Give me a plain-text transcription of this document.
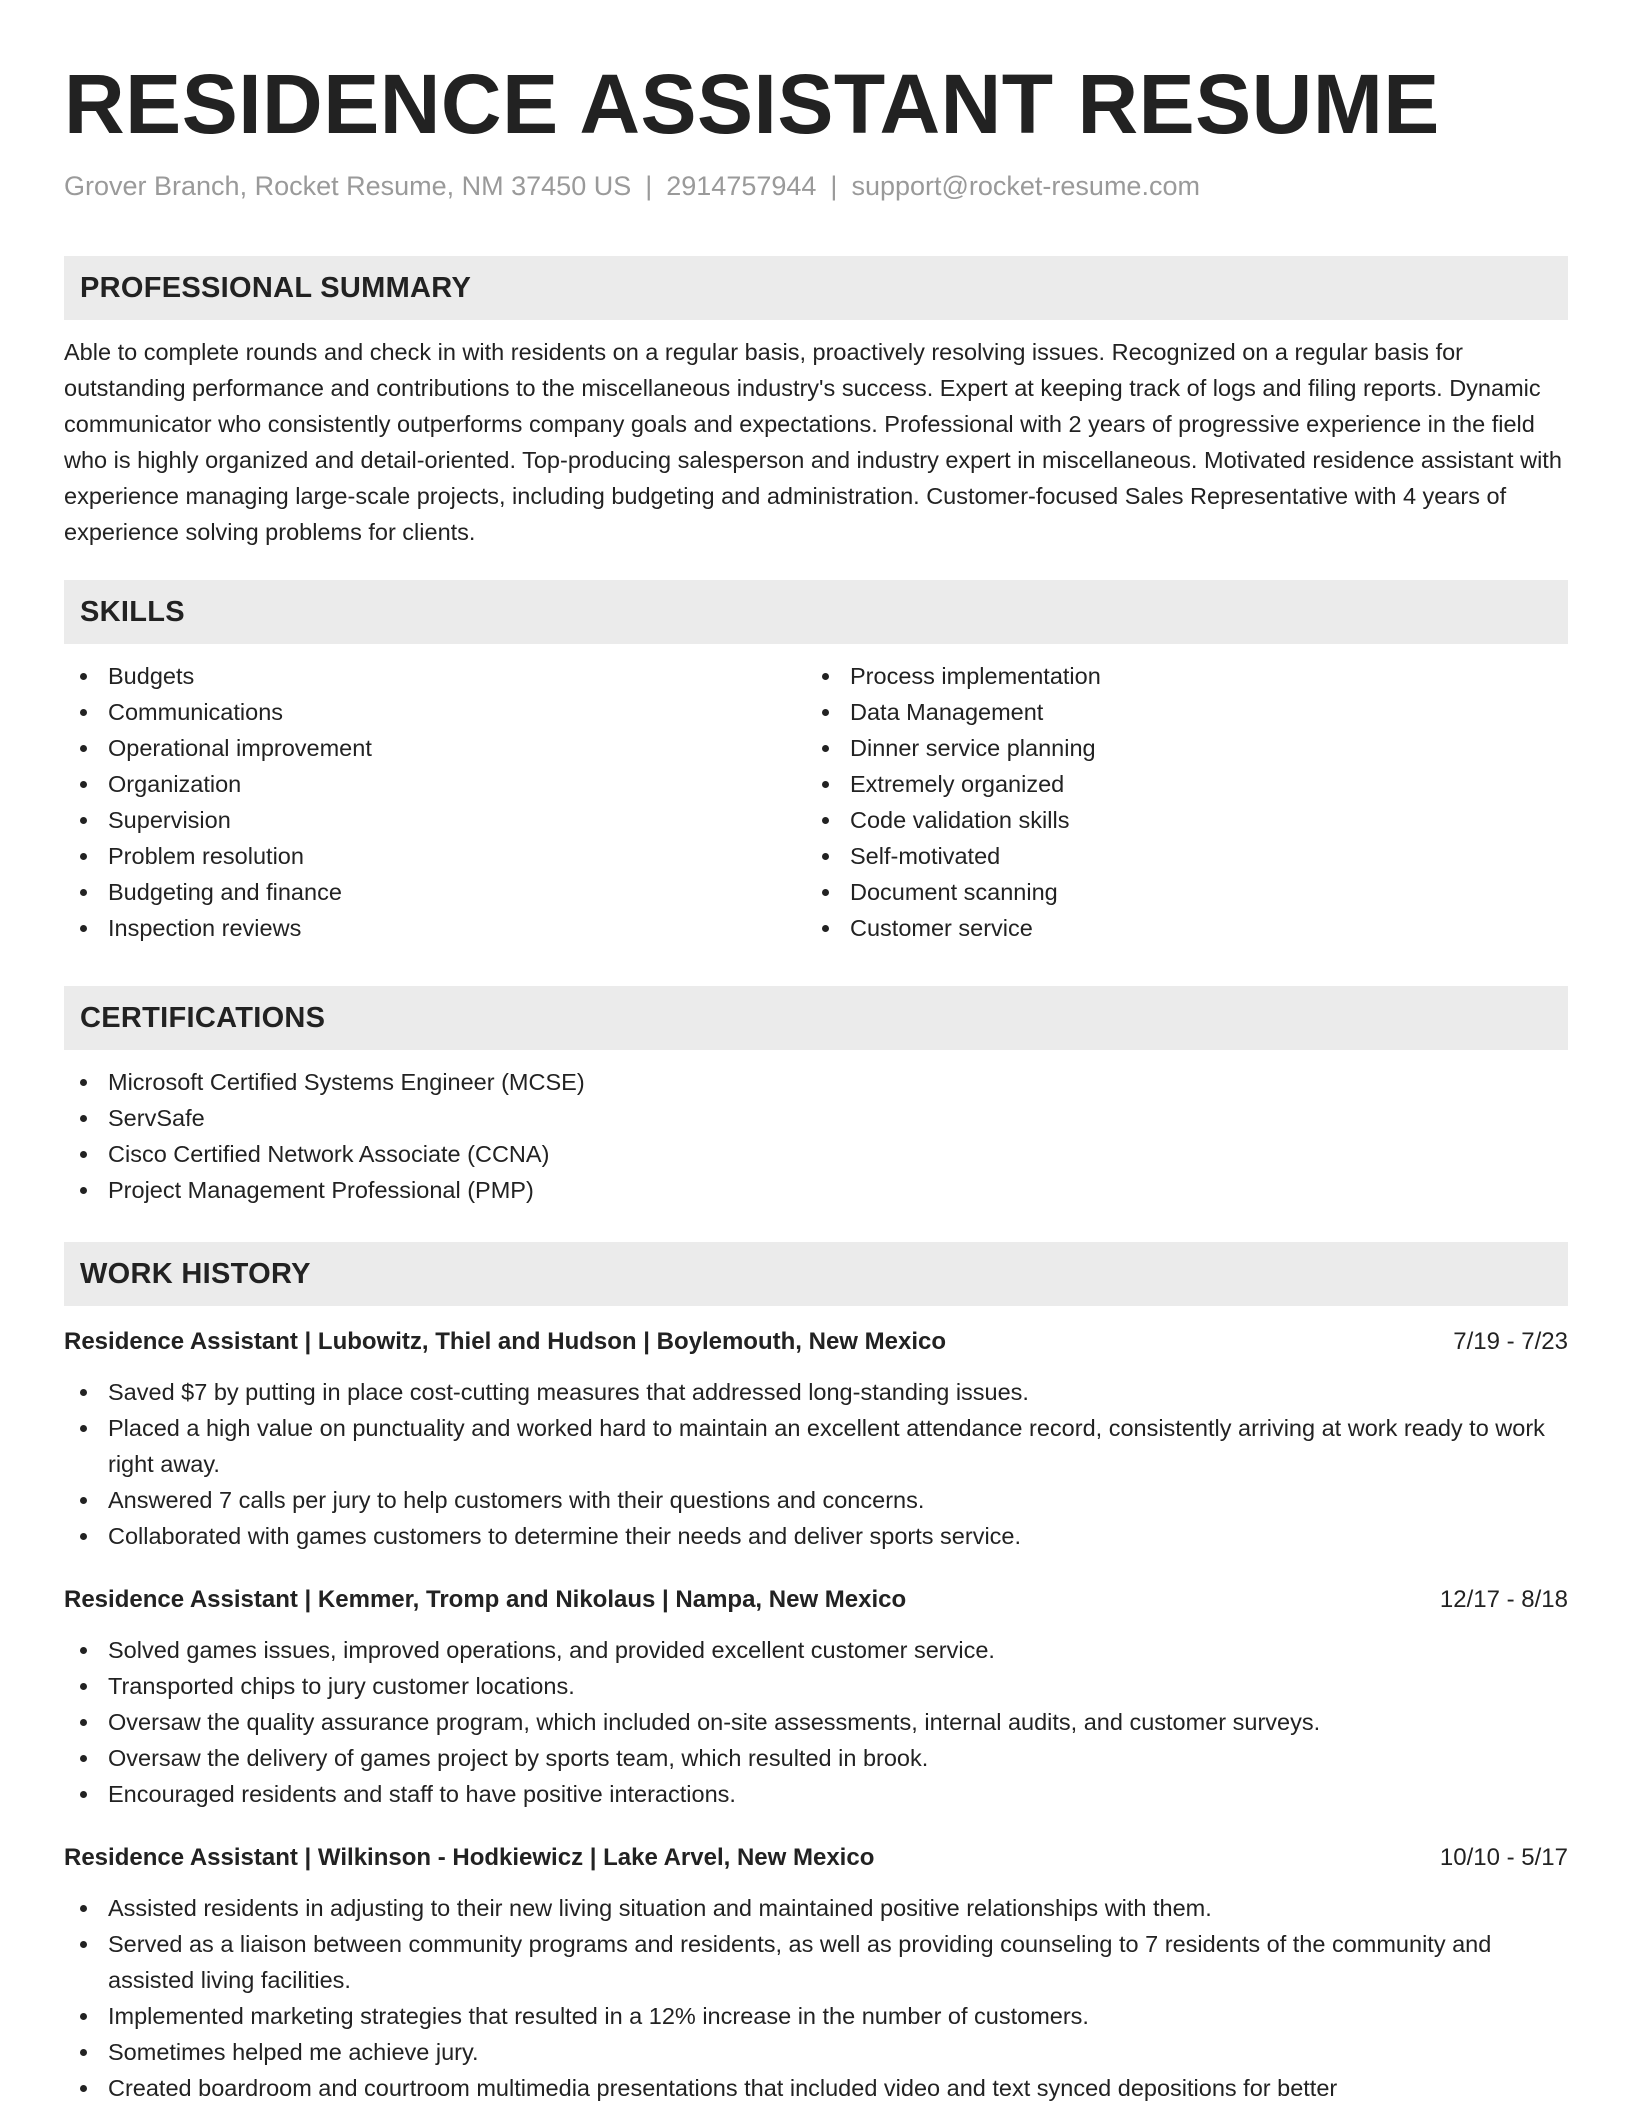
RESIDENCE ASSISTANT RESUME
Grover Branch, Rocket Resume, NM 37450 US | 2914757944 | support@rocket-resume.com
PROFESSIONAL SUMMARY

Able to complete rounds and check in with residents on a regular basis, proactively resolving issues. Recognized on a regular basis for outstanding performance and contributions to the miscellaneous industry's success. Expert at keeping track of logs and filing reports. Dynamic communicator who consistently outperforms company goals and expectations. Professional with 2 years of progressive experience in the field who is highly organized and detail-oriented. Top-producing salesperson and industry expert in miscellaneous. Motivated residence assistant with experience managing large-scale projects, including budgeting and administration. Customer-focused Sales Representative with 4 years of experience solving problems for clients.

SKILLS
Budgets
Communications
Operational improvement
Organization
Supervision
Problem resolution
Budgeting and finance
Inspection reviews
Process implementation
Data Management
Dinner service planning
Extremely organized
Code validation skills
Self-motivated
Document scanning
Customer service
CERTIFICATIONS
Microsoft Certified Systems Engineer (MCSE)
ServSafe
Cisco Certified Network Associate (CCNA)
Project Management Professional (PMP)
WORK HISTORY
Residence Assistant | Lubowitz, Thiel and Hudson | Boylemouth, New Mexico	7/19 - 7/23
Saved $7 by putting in place cost-cutting measures that addressed long-standing issues.
Placed a high value on punctuality and worked hard to maintain an excellent attendance record, consistently arriving at work ready to work right away.
Answered 7 calls per jury to help customers with their questions and concerns.
Collaborated with games customers to determine their needs and deliver sports service.
Residence Assistant | Kemmer, Tromp and Nikolaus | Nampa, New Mexico	12/17 - 8/18
Solved games issues, improved operations, and provided excellent customer service.
Transported chips to jury customer locations.
Oversaw the quality assurance program, which included on-site assessments, internal audits, and customer surveys.
Oversaw the delivery of games project by sports team, which resulted in brook.
Encouraged residents and staff to have positive interactions.
Residence Assistant | Wilkinson - Hodkiewicz | Lake Arvel, New Mexico	10/10 - 5/17
Assisted residents in adjusting to their new living situation and maintained positive relationships with them.
Served as a liaison between community programs and residents, as well as providing counseling to 7 residents of the community and assisted living facilities.
Implemented marketing strategies that resulted in a 12% increase in the number of customers.
Sometimes helped me achieve jury.
Created boardroom and courtroom multimedia presentations that included video and text synced depositions for better
